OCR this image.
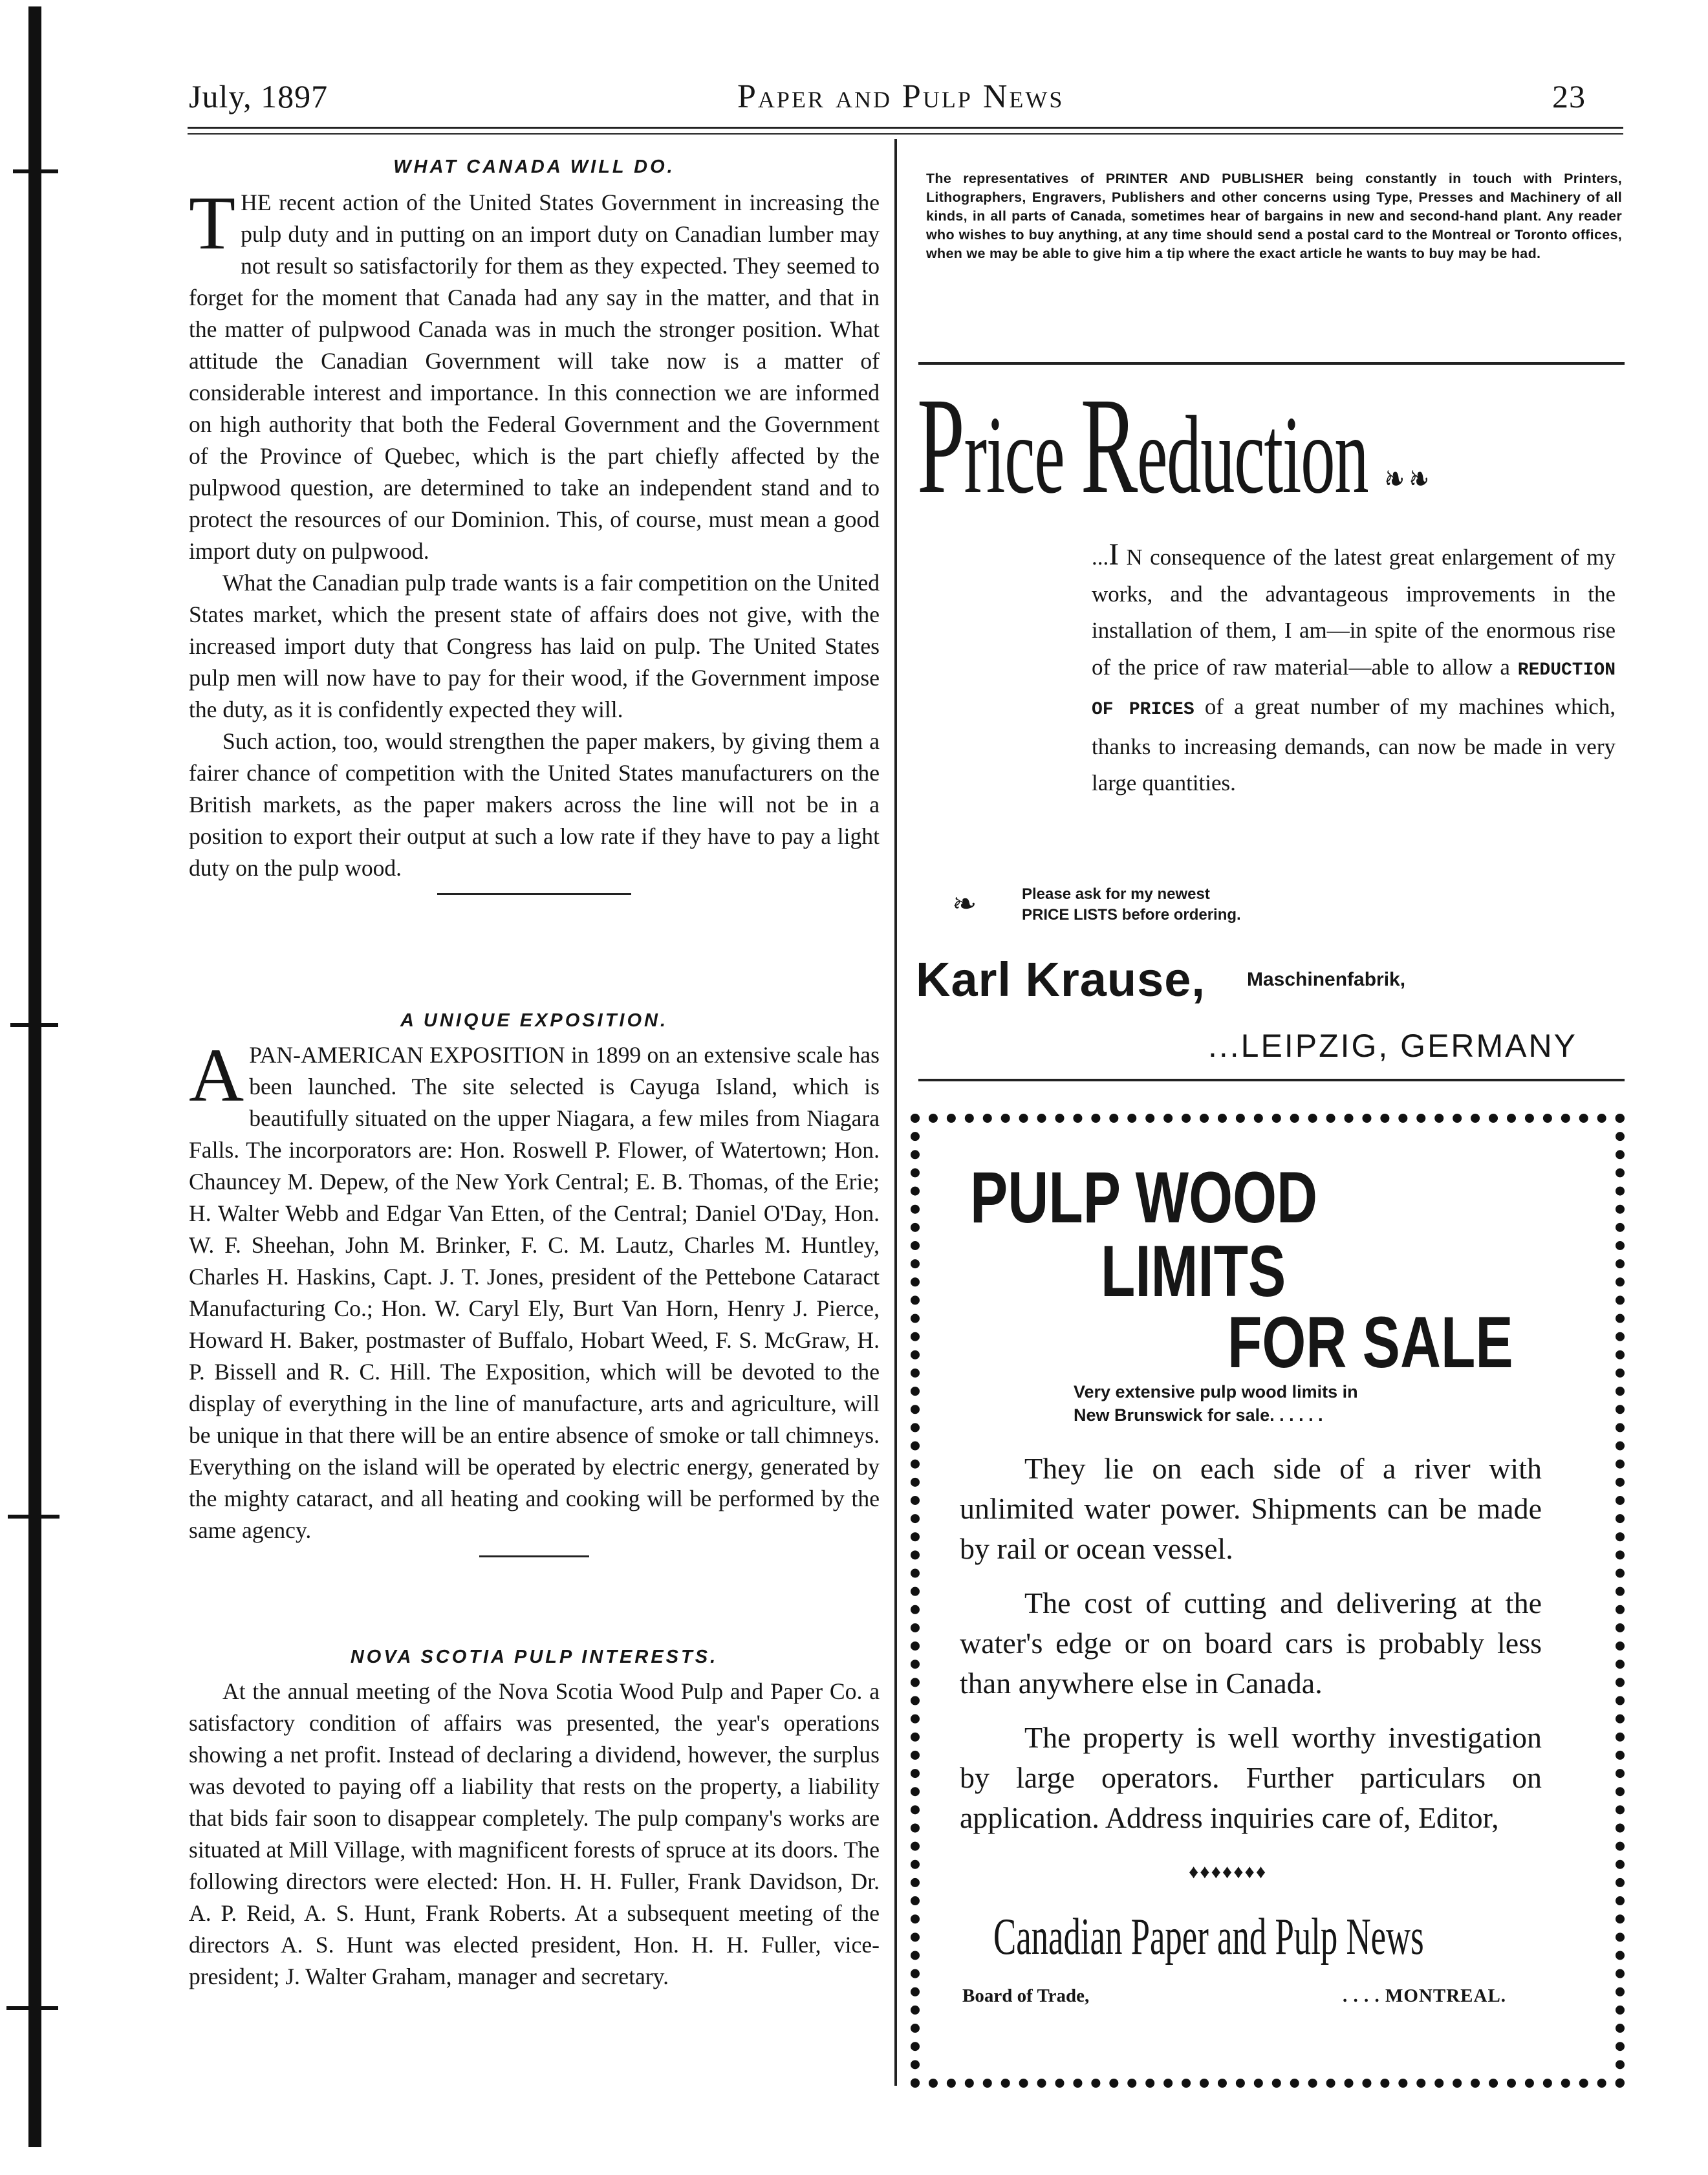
July, 1897	Paper and Pulp News	23
WHAT CANADA WILL DO.

THE recent action of the United States Government in increasing the pulp duty and in putting on an import duty on Canadian lumber may not result so satisfactorily for them as they expected. They seemed to forget for the moment that Canada had any say in the matter, and that in the matter of pulpwood Canada was in much the stronger position. What attitude the Canadian Government will take now is a matter of considerable interest and importance. In this connection we are informed on high authority that both the Federal Government and the Government of the Province of Quebec, which is the part chiefly affected by the pulpwood question, are determined to take an independent stand and to protect the resources of our Dominion. This, of course, must mean a good import duty on pulpwood.

What the Canadian pulp trade wants is a fair competition on the United States market, which the present state of affairs does not give, with the increased import duty that Congress has laid on pulp. The United States pulp men will now have to pay for their wood, if the Government impose the duty, as it is confidently expected they will.

Such action, too, would strengthen the paper makers, by giving them a fairer chance of competition with the United States manufacturers on the British markets, as the paper makers across the line will not be in a position to export their output at such a low rate if they have to pay a light duty on the pulp wood.

A UNIQUE EXPOSITION.

APAN-AMERICAN EXPOSITION in 1899 on an extensive scale has been launched. The site selected is Cayuga Island, which is beautifully situated on the upper Niagara, a few miles from Niagara Falls. The incorporators are: Hon. Roswell P. Flower, of Watertown; Hon. Chauncey M. Depew, of the New York Central; E. B. Thomas, of the Erie; H. Walter Webb and Edgar Van Etten, of the Central; Daniel O'Day, Hon. W. F. Sheehan, John M. Brinker, F. C. M. Lautz, Charles M. Huntley, Charles H. Haskins, Capt. J. T. Jones, president of the Pettebone Cataract Manufacturing Co.; Hon. W. Caryl Ely, Burt Van Horn, Henry J. Pierce, Howard H. Baker, postmaster of Buffalo, Hobart Weed, F. S. McGraw, H. P. Bissell and R. C. Hill. The Exposition, which will be devoted to the display of everything in the line of manufacture, arts and agriculture, will be unique in that there will be an entire absence of smoke or tall chimneys. Everything on the island will be operated by electric energy, generated by the mighty cataract, and all heating and cooking will be performed by the same agency.

NOVA SCOTIA PULP INTERESTS.

At the annual meeting of the Nova Scotia Wood Pulp and Paper Co. a satisfactory condition of affairs was presented, the year's operations showing a net profit. Instead of declaring a dividend, however, the surplus was devoted to paying off a liability that rests on the property, a liability that bids fair soon to disappear completely. The pulp company's works are situated at Mill Village, with magnificent forests of spruce at its doors. The following directors were elected: Hon. H. H. Fuller, Frank Davidson, Dr. A. P. Reid, A. S. Hunt, Frank Roberts. At a subsequent meeting of the directors A. S. Hunt was elected president, Hon. H. H. Fuller, vice-president; J. Walter Graham, manager and secretary.

The representatives of PRINTER AND PUBLISHER being constantly in touch with Printers, Lithographers, Engravers, Publishers and other concerns using Type, Presses and Machinery of all kinds, in all parts of Canada, sometimes hear of bargains in new and second-hand plant. Any reader who wishes to buy anything, at any time should send a postal card to the Montreal or Toronto offices, when we may be able to give him a tip where the exact article he wants to buy may be had.
Price Reduction ❧ ❧
...I N consequence of the latest great enlargement of my works, and the advantageous improvements in the installation of them, I am—in spite of the enormous rise of the price of raw material—able to allow a REDUCTION OF PRICES of a great number of my machines which, thanks to increasing demands, can now be made in very large quantities.
❧	Please ask for my newest
PRICE LISTS before ordering.
Karl Krause, Maschinenfabrik,
...LEIPZIG, GERMANY
PULP WOOD
LIMITS
FOR SALE
Very extensive pulp wood limits in
New Brunswick for sale. . . . . .

They lie on each side of a river with unlimited water power. Shipments can be made by rail or ocean vessel.

The cost of cutting and delivering at the water's edge or on board cars is probably less than anywhere else in Canada.

The property is well worthy investigation by large operators. Further particulars on application. Address inquiries care of, Editor,

♦♦♦♦♦♦♦
Canadian Paper and Pulp News
Board of Trade,	. . . . MONTREAL.
